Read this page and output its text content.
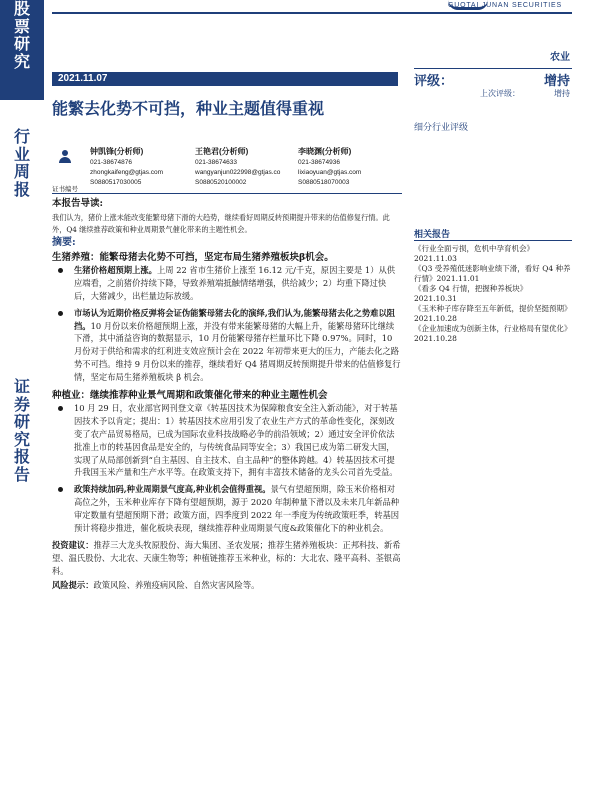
股
票
研
究
行
业
周
报
证
券
研
究
报
告
GUOTAI JUNAN SECURITIES
农业
2021.11.07
能繁去化势不可挡，种业主题值得重视
评级：	增持
上次评级：	增持
细分行业评级
相关报告
《行业全面亏损，危机中孕育机会》
2021.11.03
《Q3 受养殖低迷影响业绩下滑，看好 Q4 种养行情》2021.11.01
《看多 Q4 行情，把握种养板块》
2021.10.31
《玉米种子库存降至五年新低，提价坚挺预期》
2021.10.28
《企业加速成为创新主体，行业格局有望优化》
2021.10.28
证书编号
钟凯锋(分析师)
021-38674876
zhongkaifeng@gtjas.com
S0880517030005
王艳君(分析师)
021-38674633
wangyanjun022998@gtjas.co
S0880520100002
李晓渊(分析师)
021-38674936
lixiaoyuan@gtjas.com
S0880518070003
本报告导读:
我们认为，猪价上涨未能改变能繁母猪下滑的大趋势，继续看好周期反转预期提升带来的估值修复行情。此外，Q4 继续推荐政策和种业周期景气催化带来的主题性机会。
摘要:
生猪养殖：能繁母猪去化势不可挡，坚定布局生猪养殖板块β机会。
生猪价格超预期上涨。上周 22 省市生猪价上涨至 16.12 元/千克，原因主要是 1）从供应端看，之前猪价持续下降，导致养殖端抵触情绪增强，供给减少；2）均重下降过快后，大猪减少，出栏量边际放缓。
市场认为近期价格反弹将会证伪能繁母猪去化的演绎,我们认为,能繁母猪去化之势难以阻挡。10 月份以来价格超预期上涨，并没有带来能繁母猪的大幅上升，能繁母猪环比继续下滑，其中涌益咨询的数据显示，10 月份能繁母猪存栏量环比下降 0.97%。同时，10 月份对于供给和需求的红利进支效应预计会在 2022 年初带来更大的压力，产能去化之路势不可挡。维持 9 月份以来的推荐，继续看好 Q4 猪周期反转预期提升带来的估值修复行情，坚定布局生猪养殖板块 β 机会。
种植业：继续推荐种业景气周期和政策催化带来的种业主题性机会
10 月 29 日，农业部官网刊登文章《转基因技术为保障粮食安全注入新动能》，对于转基因技术予以肯定；提出：1）转基因技术应用引发了农业生产方式的革命性变化，深刻改变了农产品贸易格局，已成为国际农业科技战略必争的前沿领域；2）通过安全评价依法批准上市的转基因食品是安全的，与传统食品同等安全；3）我国已成为第二研发大国，实现了从局部创新到“自主基因、自主技术、自主品种”的整体跨越。4）转基因技术可提升我国玉米产量和生产水平等。在政策支持下，拥有丰富技术储备的龙头公司首先受益。
政策持续加码,种业周期景气度高,种业机会值得重视。景气有望超预期，除玉米价格相对高位之外，玉米种业库存下降有望超预期，源于 2020 年制种量下滑以及未来几年新品种审定数量有望超预期下滑；政策方面，四季度到 2022 年一季度为传统政策旺季，转基因预计将稳步推进，催化板块表现，继续推荐种业周期景气度&政策催化下的种业机会。
投资建议：推荐三大龙头牧原股份、海大集团、圣农发展；推荐生猪养殖板块：正邦科技、新希望、温氏股份、大北农、天康生物等；种植链推荐玉米种业，标的：大北农、隆平高科、荃银高科。
风险提示：政策风险、养殖疫病风险、自然灾害风险等。
